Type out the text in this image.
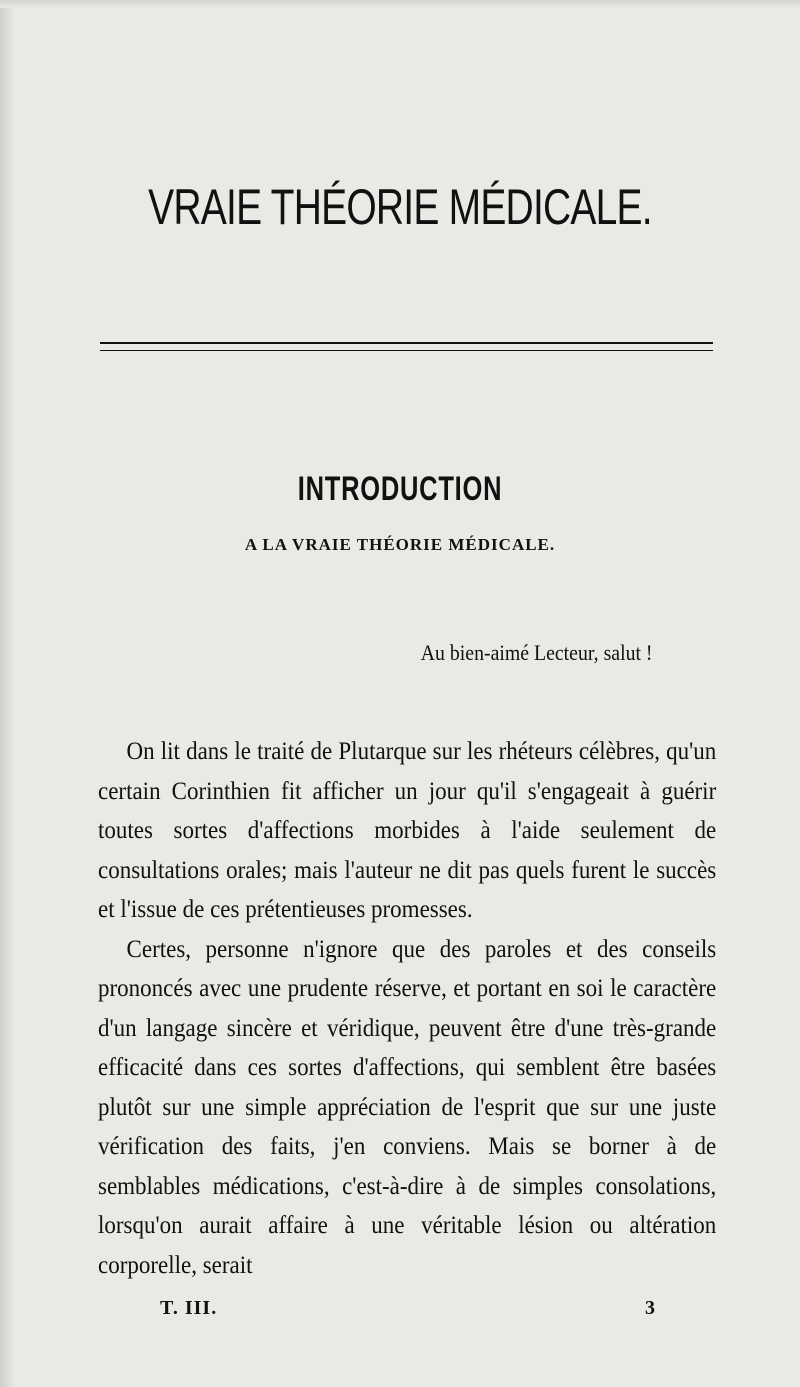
VRAIE THÉORIE MÉDICALE.
INTRODUCTION
A LA VRAIE THÉORIE MÉDICALE.
Au bien-aimé Lecteur, salut !

On lit dans le traité de Plutarque sur les rhéteurs célèbres, qu'un certain Corinthien fit afficher un jour qu'il s'engageait à guérir toutes sortes d'affections morbides à l'aide seulement de consultations orales; mais l'auteur ne dit pas quels furent le succès et l'issue de ces prétentieuses promesses.

Certes, personne n'ignore que des paroles et des conseils prononcés avec une prudente réserve, et portant en soi le caractère d'un langage sincère et véridique, peuvent être d'une très-grande efficacité dans ces sortes d'affections, qui semblent être basées plutôt sur une simple appréciation de l'esprit que sur une juste vérification des faits, j'en conviens. Mais se borner à de semblables médications, c'est-à-dire à de simples consolations, lorsqu'on aurait affaire à une véritable lésion ou altération corporelle, serait

T. III.	3
